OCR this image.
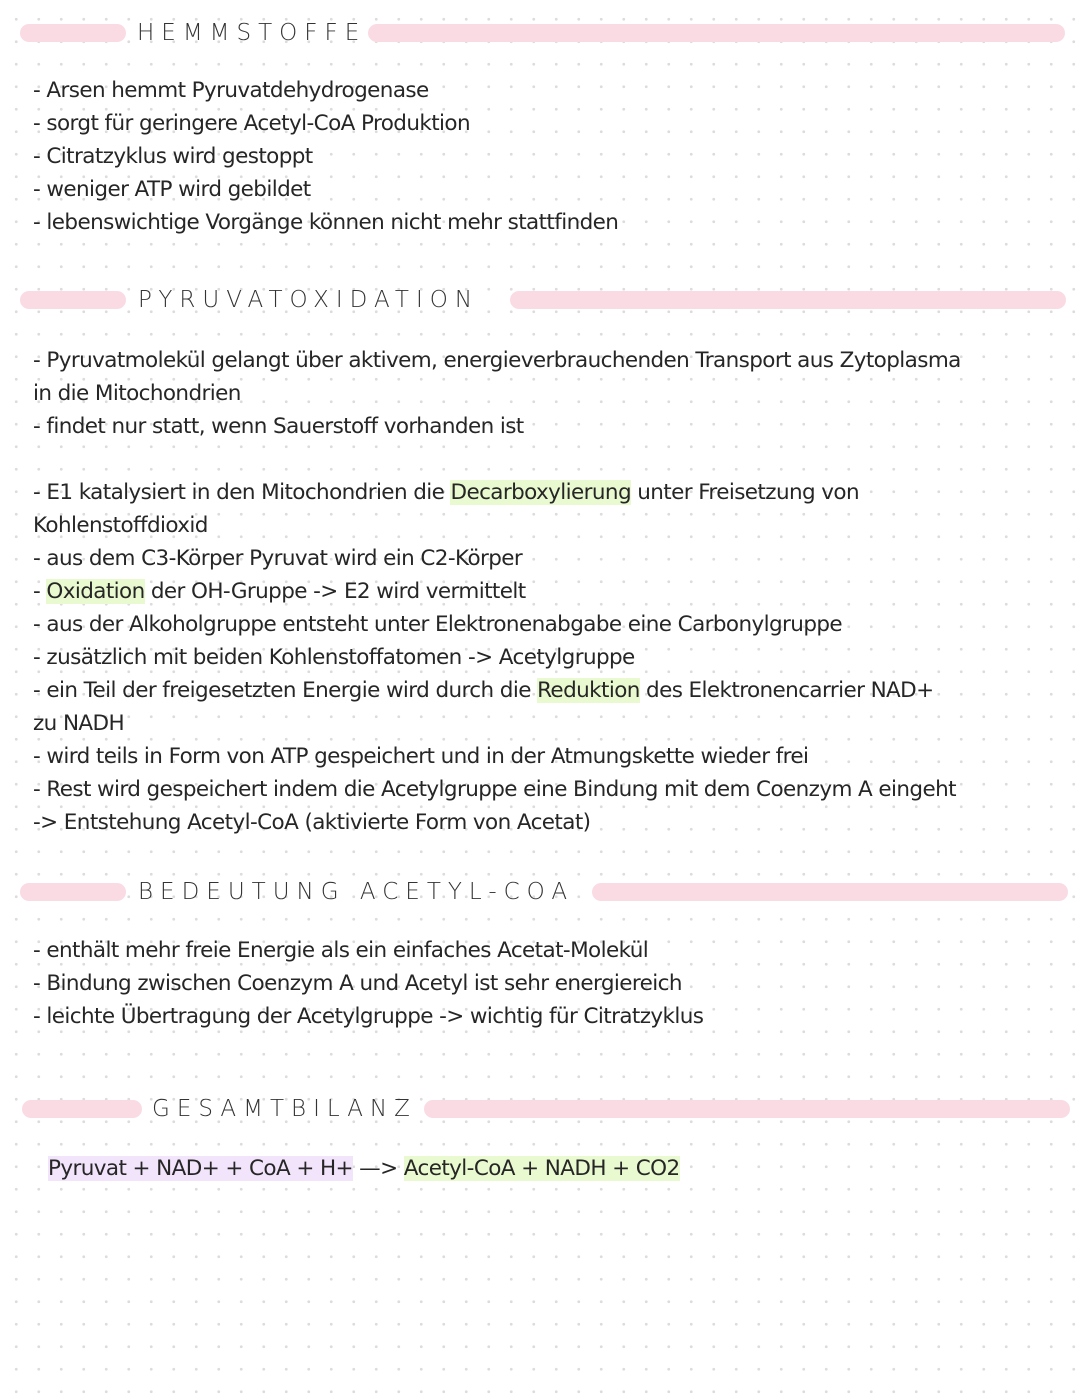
HEMMSTOFFE
- Arsen hemmt Pyruvatdehydrogenase
- sorgt für geringere Acetyl-CoA Produktion
- Citratzyklus wird gestoppt
- weniger ATP wird gebildet
- lebenswichtige Vorgänge können nicht mehr stattfinden
PYRUVATOXIDATION
- Pyruvatmolekül gelangt über aktivem, energieverbrauchenden Transport aus Zytoplasma
in die Mitochondrien
- findet nur statt, wenn Sauerstoff vorhanden ist
- E1 katalysiert in den Mitochondrien die Decarboxylierung unter Freisetzung von
Kohlenstoffdioxid
- aus dem C3-Körper Pyruvat wird ein C2-Körper
- Oxidation der OH-Gruppe -> E2 wird vermittelt
- aus der Alkoholgruppe entsteht unter Elektronenabgabe eine Carbonylgruppe
- zusätzlich mit beiden Kohlenstoffatomen -> Acetylgruppe
- ein Teil der freigesetzten Energie wird durch die Reduktion des Elektronencarrier NAD+
zu NADH
- wird teils in Form von ATP gespeichert und in der Atmungskette wieder frei
- Rest wird gespeichert indem die Acetylgruppe eine Bindung mit dem Coenzym A eingeht
-> Entstehung Acetyl-CoA (aktivierte Form von Acetat)
BEDEUTUNG ACETYL-COA
- enthält mehr freie Energie als ein einfaches Acetat-Molekül
- Bindung zwischen Coenzym A und Acetyl ist sehr energiereich
- leichte Übertragung der Acetylgruppe -> wichtig für Citratzyklus
GESAMTBILANZ
Pyruvat + NAD+ + CoA + H+ —> Acetyl-CoA + NADH + CO2
